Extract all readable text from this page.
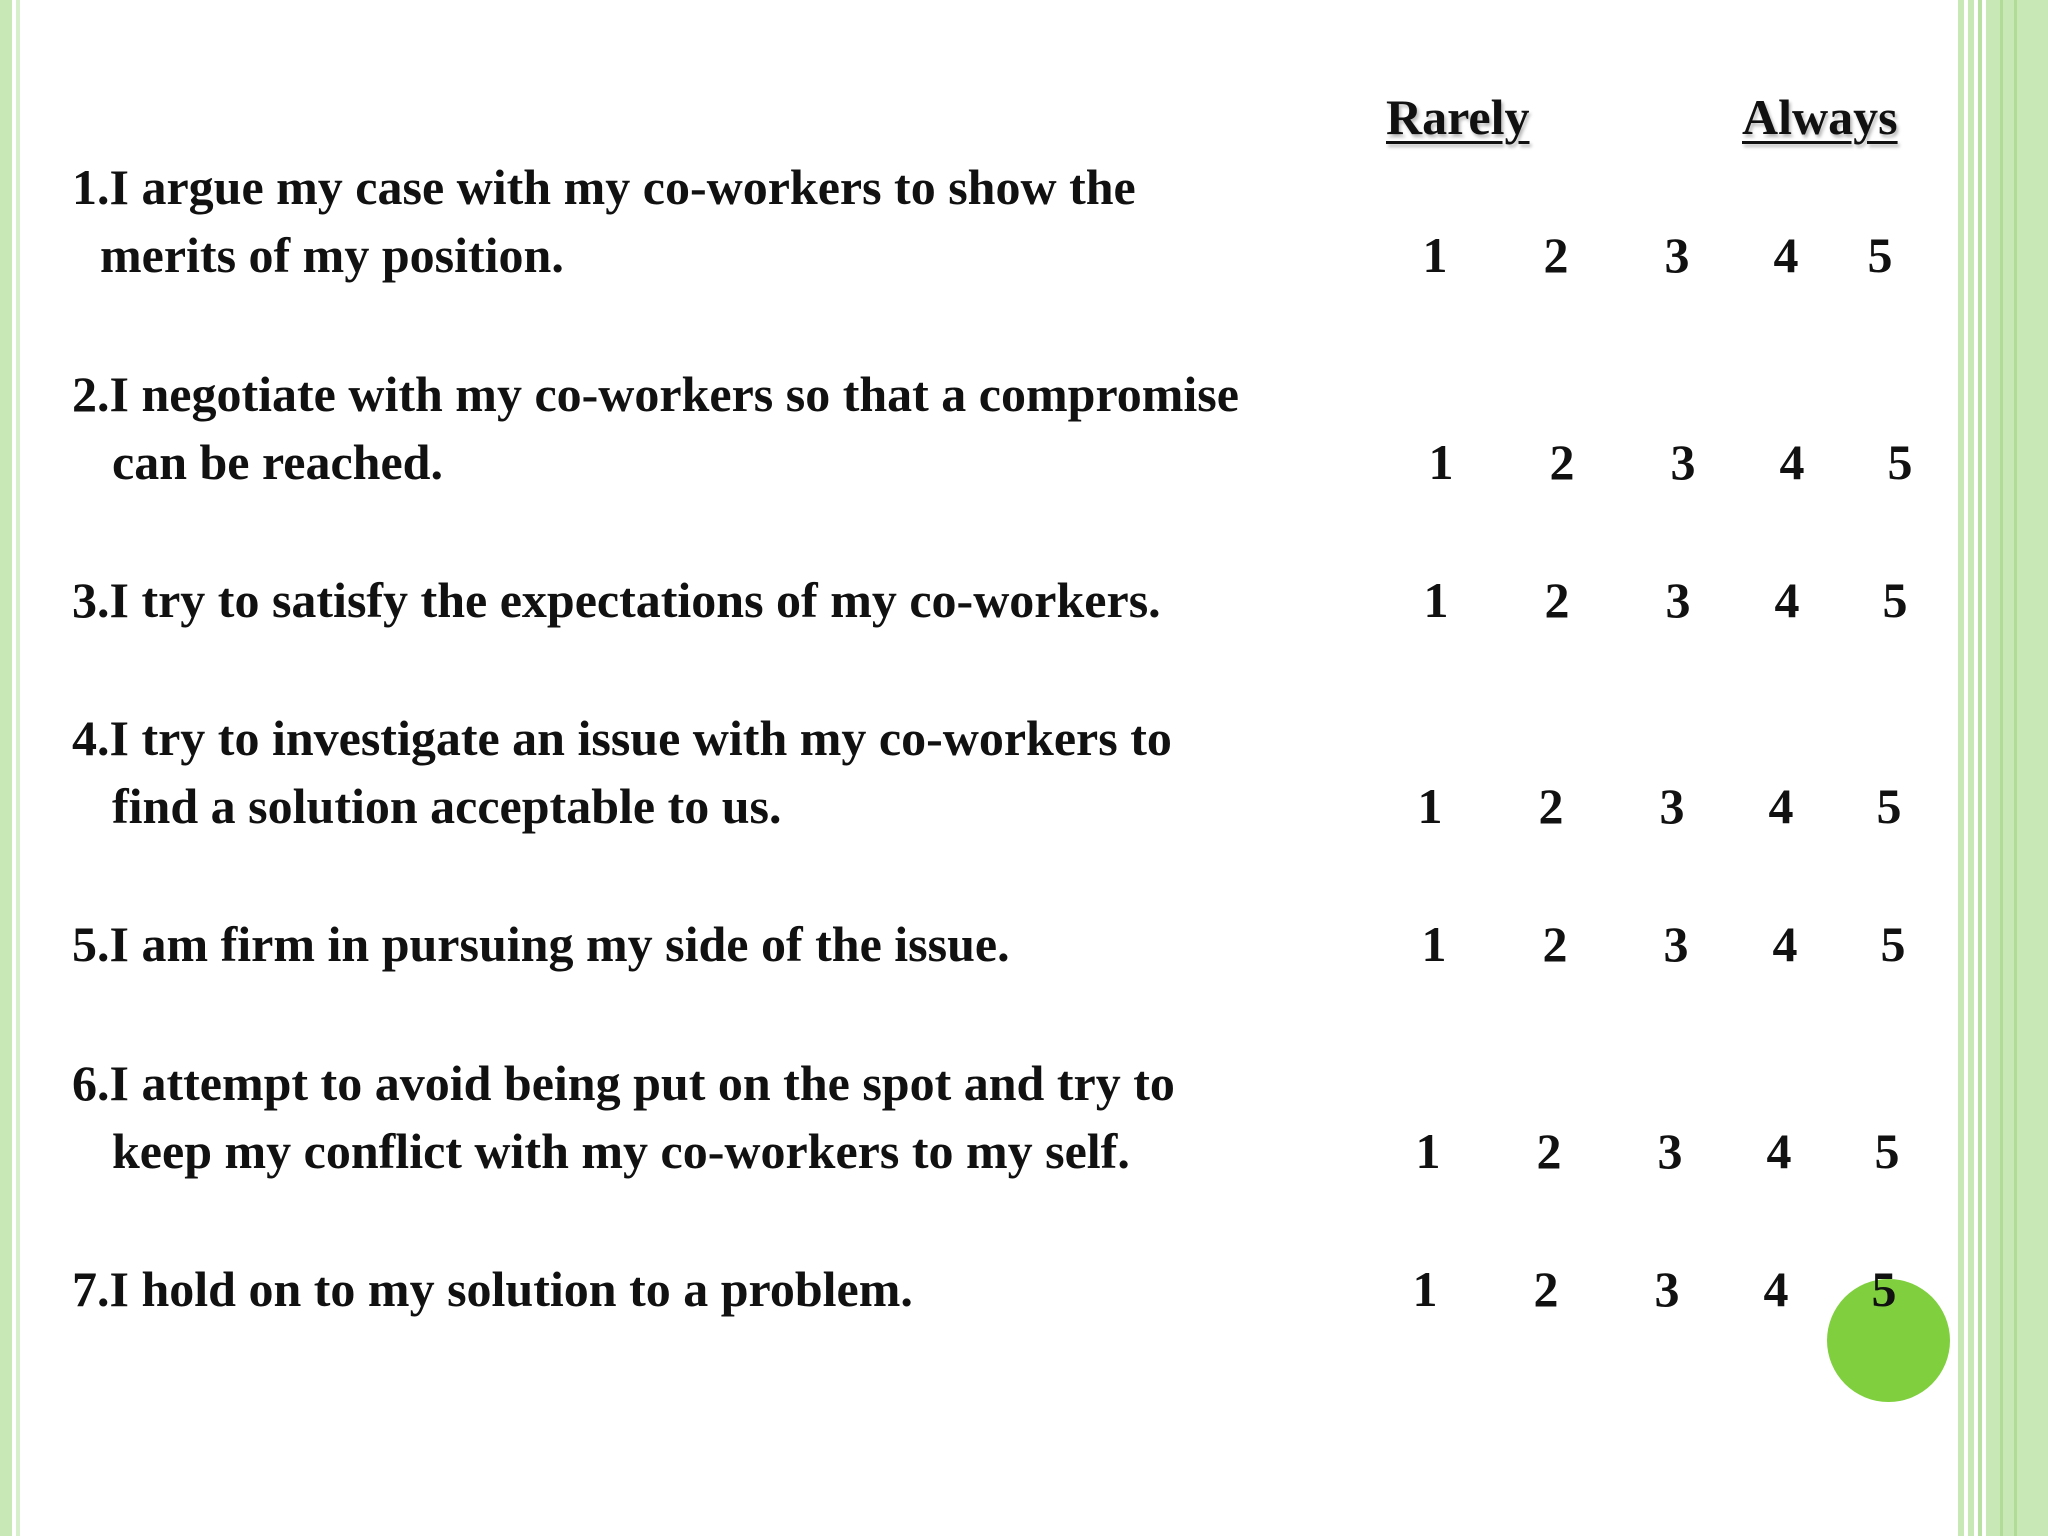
Rarely	Always
1.I argue my case with my co-workers to show the
merits of my position.	1 2 3 4 5
2.I negotiate with my co-workers so that a compromise
can be reached.	1 2 3 4 5
3.I try to satisfy the expectations of my co-workers.	1 2 3 4 5
4.I try to investigate an issue with my co-workers to
find a solution acceptable to us.	1 2 3 4 5
5.I am firm in pursuing my side of the issue.	1 2 3 4 5
6.I attempt to avoid being put on the spot and try to
keep my conflict with my co-workers to my self.	1 2 3 4 5
7.I hold on to my solution to a problem.	1 2 3 4 5
